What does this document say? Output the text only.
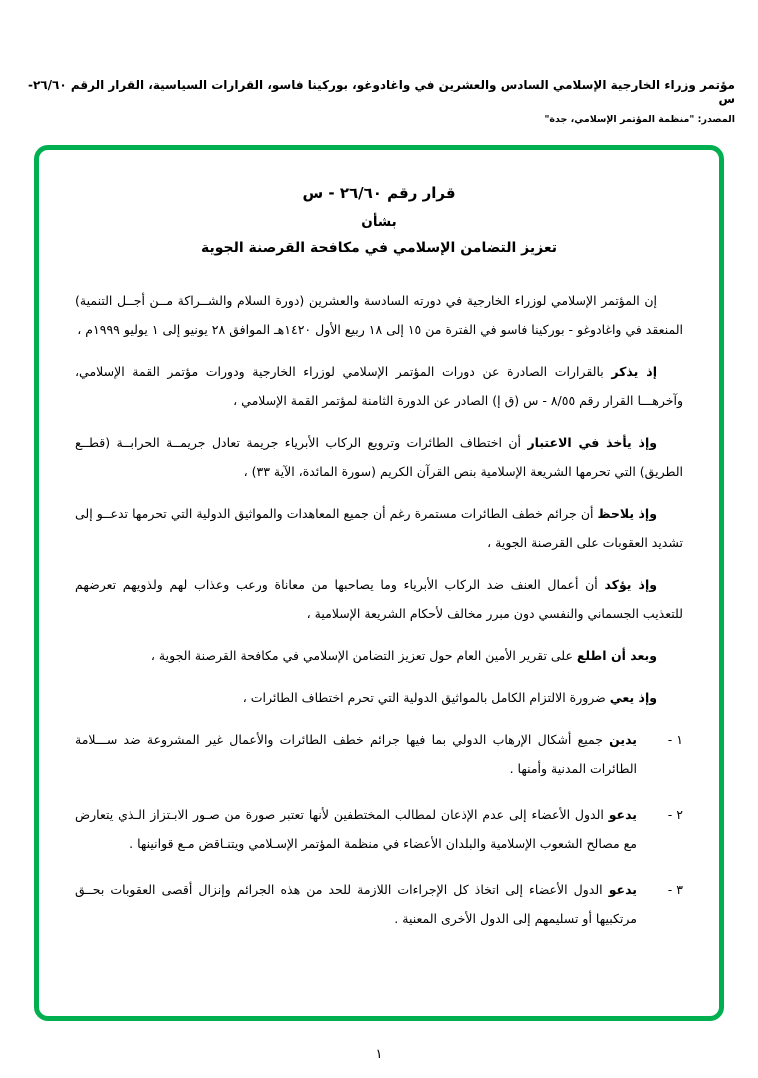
مؤتمر وزراء الخارجية الإسلامي السادس والعشرين في واغادوغو، بوركينا فاسو، القرارات السياسية، القرار الرقم ٢٦/٦٠-س
المصدر: "منظمة المؤتمر الإسلامي، جدة"
قرار رقم ٢٦/٦٠ - س
بشأن
تعزيز التضامن الإسلامي في مكافحة القرصنة الجوية

إن المؤتمر الإسلامي لوزراء الخارجية في دورته السادسة والعشرين (دورة السلام والشــراكة مــن أجــل التنمية) المنعقد في واغادوغو - بوركينا فاسو في الفترة من ١٥ إلى ١٨ ربيع الأول ١٤٢٠هـ الموافق ٢٨ يونيو إلى ١ يوليو ١٩٩٩م ،

إذ يذكر بالقرارات الصادرة عن دورات المؤتمر الإسلامي لوزراء الخارجية ودورات مؤتمر القمة الإسلامي، وآخرهـــا القرار رقم ٨/٥٥ - س (ق إ) الصادر عن الدورة الثامنة لمؤتمر القمة الإسلامي ،

وإذ يأخذ في الاعتبار أن اختطاف الطائرات وترويع الركاب الأبرياء جريمة تعادل جريمــة الحرابــة (قطــع الطريق) التي تحرمها الشريعة الإسلامية بنص القرآن الكريم (سورة المائدة، الآية ٣٣) ،

وإذ يلاحظ أن جرائم خطف الطائرات مستمرة رغم أن جميع المعاهدات والمواثيق الدولية التي تحرمها تدعــو إلى تشديد العقوبات على القرصنة الجوية ،

وإذ يؤكد أن أعمال العنف ضد الركاب الأبرياء وما يصاحبها من معاناة ورعب وعذاب لهم ولذويهم تعرضهم للتعذيب الجسماني والنفسي دون مبرر مخالف لأحكام الشريعة الإسلامية ،

وبعد أن اطلع على تقرير الأمين العام حول تعزيز التضامن الإسلامي في مكافحة القرصنة الجوية ،

وإذ يعي ضرورة الالتزام الكامل بالمواثيق الدولية التي تحرم اختطاف الطائرات ،

١ -

يدين جميع أشكال الإرهاب الدولي بما فيها جرائم خطف الطائرات والأعمال غير المشروعة ضد ســـلامة الطائرات المدنية وأمنها .

٢ -

يدعو الدول الأعضاء إلى عدم الإذعان لمطالب المختطفين لأنها تعتبر صورة من صـور الابـتزاز الـذي يتعارض مع مصالح الشعوب الإسلامية والبلدان الأعضاء في منظمة المؤتمر الإسـلامي ويتنـاقض مـع قوانينها .

٣ -

يدعو الدول الأعضاء إلى اتخاذ كل الإجراءات اللازمة للحد من هذه الجرائم وإنزال أقصى العقوبات بحــق مرتكبيها أو تسليمهم إلى الدول الأخرى المعنية .

١
